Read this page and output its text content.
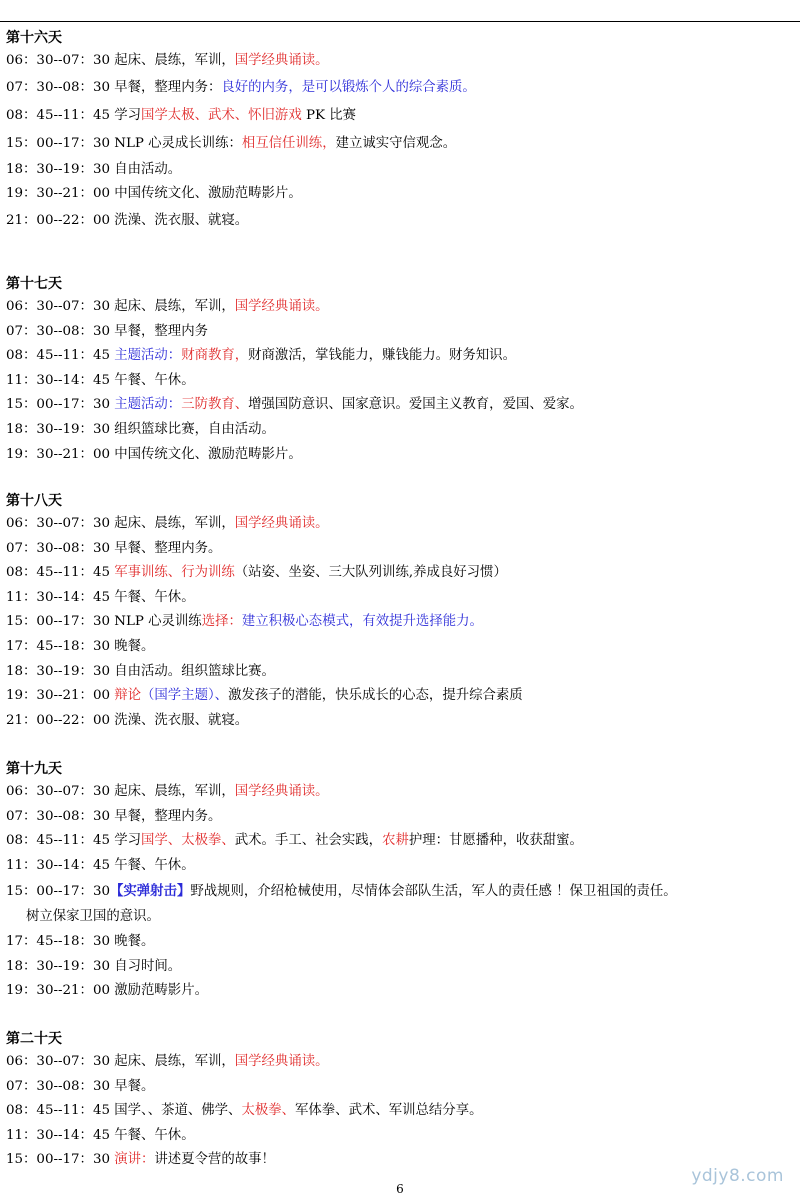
第十六天
06：30--07：30 起床、晨练，军训，国学经典诵读。
07：30--08：30 早餐，整理内务：良好的内务，是可以锻炼个人的综合素质。
08：45--11：45 学习国学太极、武术、怀旧游戏 PK 比赛
15：00--17：30 NLP 心灵成长训练：相互信任训练，建立诚实守信观念。
18：30--19：30 自由活动。
19：30--21：00 中国传统文化、激励范畴影片。
21：00--22：00 洗澡、洗衣服、就寝。
第十七天
06：30--07：30 起床、晨练，军训，国学经典诵读。
07：30--08：30 早餐，整理内务
08：45--11：45 主题活动：财商教育，财商激活，掌钱能力，赚钱能力。财务知识。
11：30--14：45 午餐、午休。
15：00--17：30 主题活动：三防教育、增强国防意识、国家意识。爱国主义教育，爱国、爱家。
18：30--19：30 组织篮球比赛，自由活动。
19：30--21：00 中国传统文化、激励范畴影片。
第十八天
06：30--07：30 起床、晨练，军训，国学经典诵读。
07：30--08：30 早餐、整理内务。
08：45--11：45 军事训练、行为训练（站姿、坐姿、三大队列训练,养成良好习惯）
11：30--14：45 午餐、午休。
15：00--17：30 NLP 心灵训练选择：建立积极心态模式，有效提升选择能力。
17：45--18：30 晚餐。
18：30--19：30 自由活动。组织篮球比赛。
19：30--21：00 辩论（国学主题）、激发孩子的潜能，快乐成长的心态，提升综合素质
21：00--22：00 洗澡、洗衣服、就寝。
第十九天
06：30--07：30 起床、晨练，军训，国学经典诵读。
07：30--08：30 早餐，整理内务。
08：45--11：45 学习国学、太极拳、武术。手工、社会实践，农耕护理：甘愿播种，收获甜蜜。
11：30--14：45 午餐、午休。
15：00--17：30【实弹射击】野战规则，介绍枪械使用，尽情体会部队生活，军人的责任感 ！保卫祖国的责任。
树立保家卫国的意识。
17：45--18：30 晚餐。
18：30--19：30 自习时间。
19：30--21：00 激励范畴影片。
第二十天
06：30--07：30 起床、晨练，军训，国学经典诵读。
07：30--08：30 早餐。
08：45--11：45 国学、、茶道、佛学、太极拳、军体拳、武术、军训总结分享。
11：30--14：45 午餐、午休。
15：00--17：30 演讲：讲述夏令营的故事！
ydjy8.com
6
